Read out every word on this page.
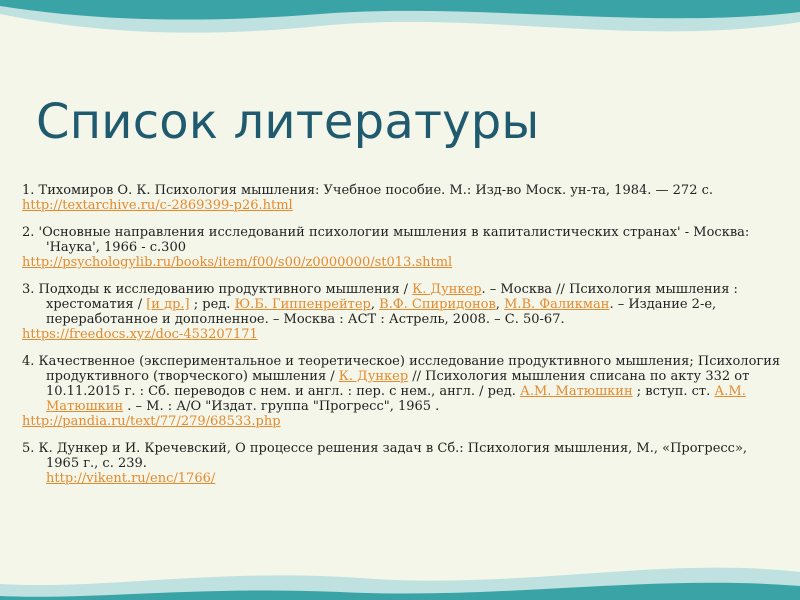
Список литературы
1. Тихомиров О. К. Психология мышления: Учебное пособие. М.: Изд-во Моск. ун-та, 1984. — 272 с.
http://textarchive.ru/c-2869399-p26.html
2. 'Основные направления исследований психологии мышления в капиталистических странах' - Москва: 'Наука', 1966 - с.300
http://psychologylib.ru/books/item/f00/s00/z0000000/st013.shtml
3. Подходы к исследованию продуктивного мышления / К. Дункер. – Москва // Психология мышления : хрестоматия / [и др.] ; ред. Ю.Б. Гиппенрейтер, В.Ф. Спиридонов, М.В. Фаликман. – Издание 2-е, переработанное и дополненное. – Москва : АСТ : Астрель, 2008. – С. 50-67.
https://freedocs.xyz/doc-453207171
4. Качественное (экспериментальное и теоретическое) исследование продуктивного мышления; Психология продуктивного (творческого) мышления / К. Дункер // Психология мышления списана по акту 332 от 10.11.2015 г. : Сб. переводов с нем. и англ. : пер. с нем., англ. / ред. А.М. Матюшкин ; вступ. ст. А.М. Матюшкин . – М. : А/О "Издат. группа "Прогресс", 1965 .
http://pandia.ru/text/77/279/68533.php
5. К. Дункер и И. Кречевский, О процессе решения задач в Сб.: Психология мышления, М., «Прогресс», 1965 г., с. 239.
http://vikent.ru/enc/1766/
